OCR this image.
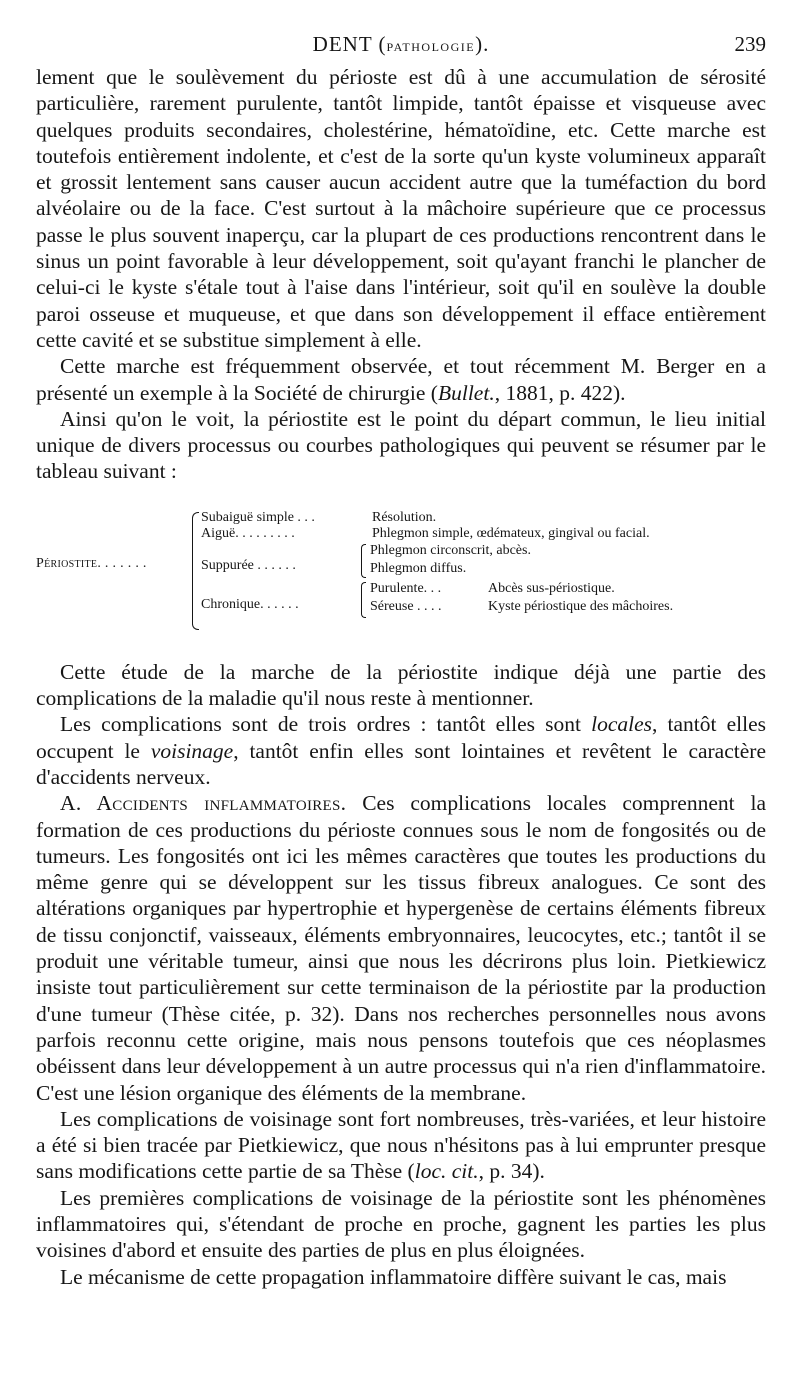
DENT (pathologie).	239

lement que le soulèvement du périoste est dû à une accumulation de sérosité particulière, rarement purulente, tantôt limpide, tantôt épaisse et visqueuse avec quelques produits secondaires, cholestérine, hématoïdine, etc. Cette marche est toutefois entièrement indolente, et c'est de la sorte qu'un kyste volumineux apparaît et grossit lentement sans causer aucun accident autre que la tuméfaction du bord alvéolaire ou de la face. C'est surtout à la mâchoire supérieure que ce processus passe le plus souvent inaperçu, car la plupart de ces productions rencontrent dans le sinus un point favorable à leur développement, soit qu'ayant franchi le plancher de celui-ci le kyste s'étale tout à l'aise dans l'intérieur, soit qu'il en soulève la double paroi osseuse et muqueuse, et que dans son développement il efface entièrement cette cavité et se substitue simplement à elle.

Cette marche est fréquemment observée, et tout récemment M. Berger en a présenté un exemple à la Société de chirurgie (Bullet., 1881, p. 422).

Ainsi qu'on le voit, la périostite est le point du départ commun, le lieu initial unique de divers processus ou courbes pathologiques qui peuvent se résumer par le tableau suivant :

Périostite. . . . . . .
Subaiguë simple . . .	Résolution.
Aiguë. . . . . . . . .	Phlegmon simple, œdémateux, gingival ou facial.
Suppurée . . . . . .
Phlegmon circonscrit, abcès.
Phlegmon diffus.
Chronique. . . . . .
Purulente. . .	Abcès sus-périostique.
Séreuse . . . .	Kyste périostique des mâchoires.

Cette étude de la marche de la périostite indique déjà une partie des complications de la maladie qu'il nous reste à mentionner.

Les complications sont de trois ordres : tantôt elles sont locales, tantôt elles occupent le voisinage, tantôt enfin elles sont lointaines et revêtent le caractère d'accidents nerveux.

A. Accidents inflammatoires. Ces complications locales comprennent la formation de ces productions du périoste connues sous le nom de fongosités ou de tumeurs. Les fongosités ont ici les mêmes caractères que toutes les productions du même genre qui se développent sur les tissus fibreux analogues. Ce sont des altérations organiques par hypertrophie et hypergenèse de certains éléments fibreux de tissu conjonctif, vaisseaux, éléments embryonnaires, leucocytes, etc.; tantôt il se produit une véritable tumeur, ainsi que nous les décrirons plus loin. Pietkiewicz insiste tout particulièrement sur cette terminaison de la périostite par la production d'une tumeur (Thèse citée, p. 32). Dans nos recherches personnelles nous avons parfois reconnu cette origine, mais nous pensons toutefois que ces néoplasmes obéissent dans leur développement à un autre processus qui n'a rien d'inflammatoire. C'est une lésion organique des éléments de la membrane.

Les complications de voisinage sont fort nombreuses, très-variées, et leur histoire a été si bien tracée par Pietkiewicz, que nous n'hésitons pas à lui emprunter presque sans modifications cette partie de sa Thèse (loc. cit., p. 34).

Les premières complications de voisinage de la périostite sont les phénomènes inflammatoires qui, s'étendant de proche en proche, gagnent les parties les plus voisines d'abord et ensuite des parties de plus en plus éloignées.

Le mécanisme de cette propagation inflammatoire diffère suivant le cas, mais
